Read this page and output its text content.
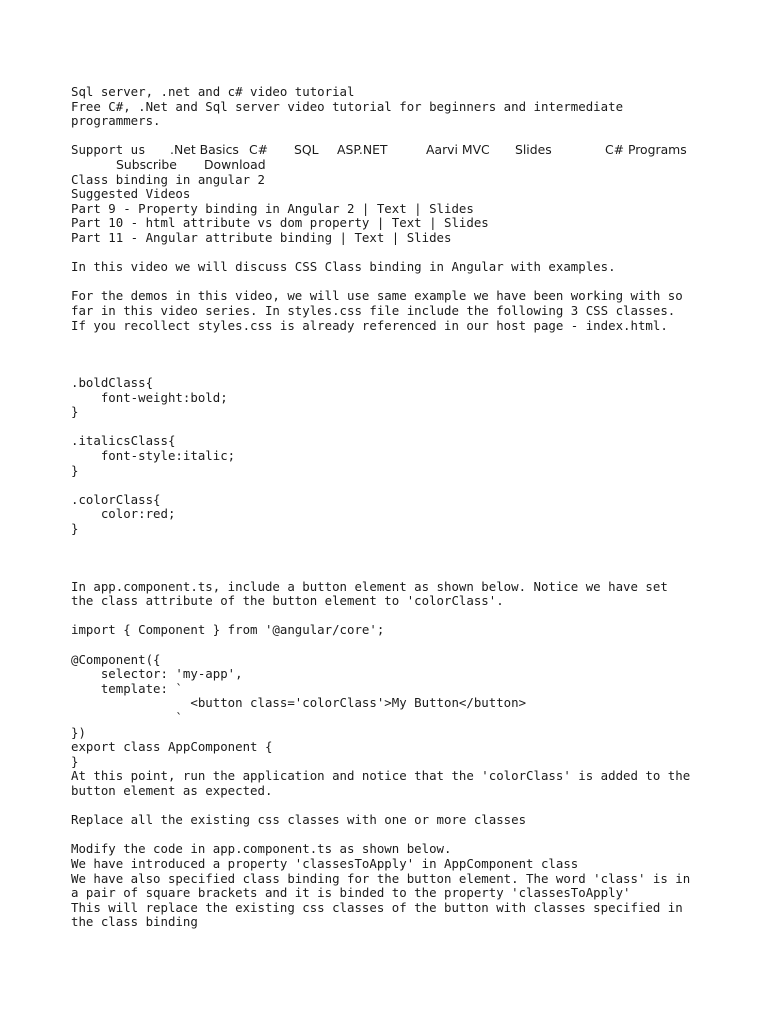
Sql server, .net and c# video tutorial
Free C#, .Net and Sql server video tutorial for beginners and intermediate
programmers.
Support us .Net Basics C# SQL ASP.NET	Aarvi MVC Slides	C# Programs
Subscribe Download
Class binding in angular 2
Suggested Videos
Part 9 - Property binding in Angular 2 | Text | Slides
Part 10 - html attribute vs dom property | Text | Slides
Part 11 - Angular attribute binding | Text | Slides
In this video we will discuss CSS Class binding in Angular with examples.
For the demos in this video, we will use same example we have been working with so
far in this video series. In styles.css file include the following 3 CSS classes.
If you recollect styles.css is already referenced in our host page - index.html.
.boldClass{
font-weight:bold;
}
.italicsClass{
font-style:italic;
}
.colorClass{
color:red;
}
In app.component.ts, include a button element as shown below. Notice we have set
the class attribute of the button element to 'colorClass'.
import { Component } from '@angular/core';
@Component({
selector: 'my-app',
template: `
<button class='colorClass'>My Button</button>
`
})
export class AppComponent {
}
At this point, run the application and notice that the 'colorClass' is added to the
button element as expected.
Replace all the existing css classes with one or more classes
Modify the code in app.component.ts as shown below.
We have introduced a property 'classesToApply' in AppComponent class
We have also specified class binding for the button element. The word 'class' is in
a pair of square brackets and it is binded to the property 'classesToApply'
This will replace the existing css classes of the button with classes specified in
the class binding
